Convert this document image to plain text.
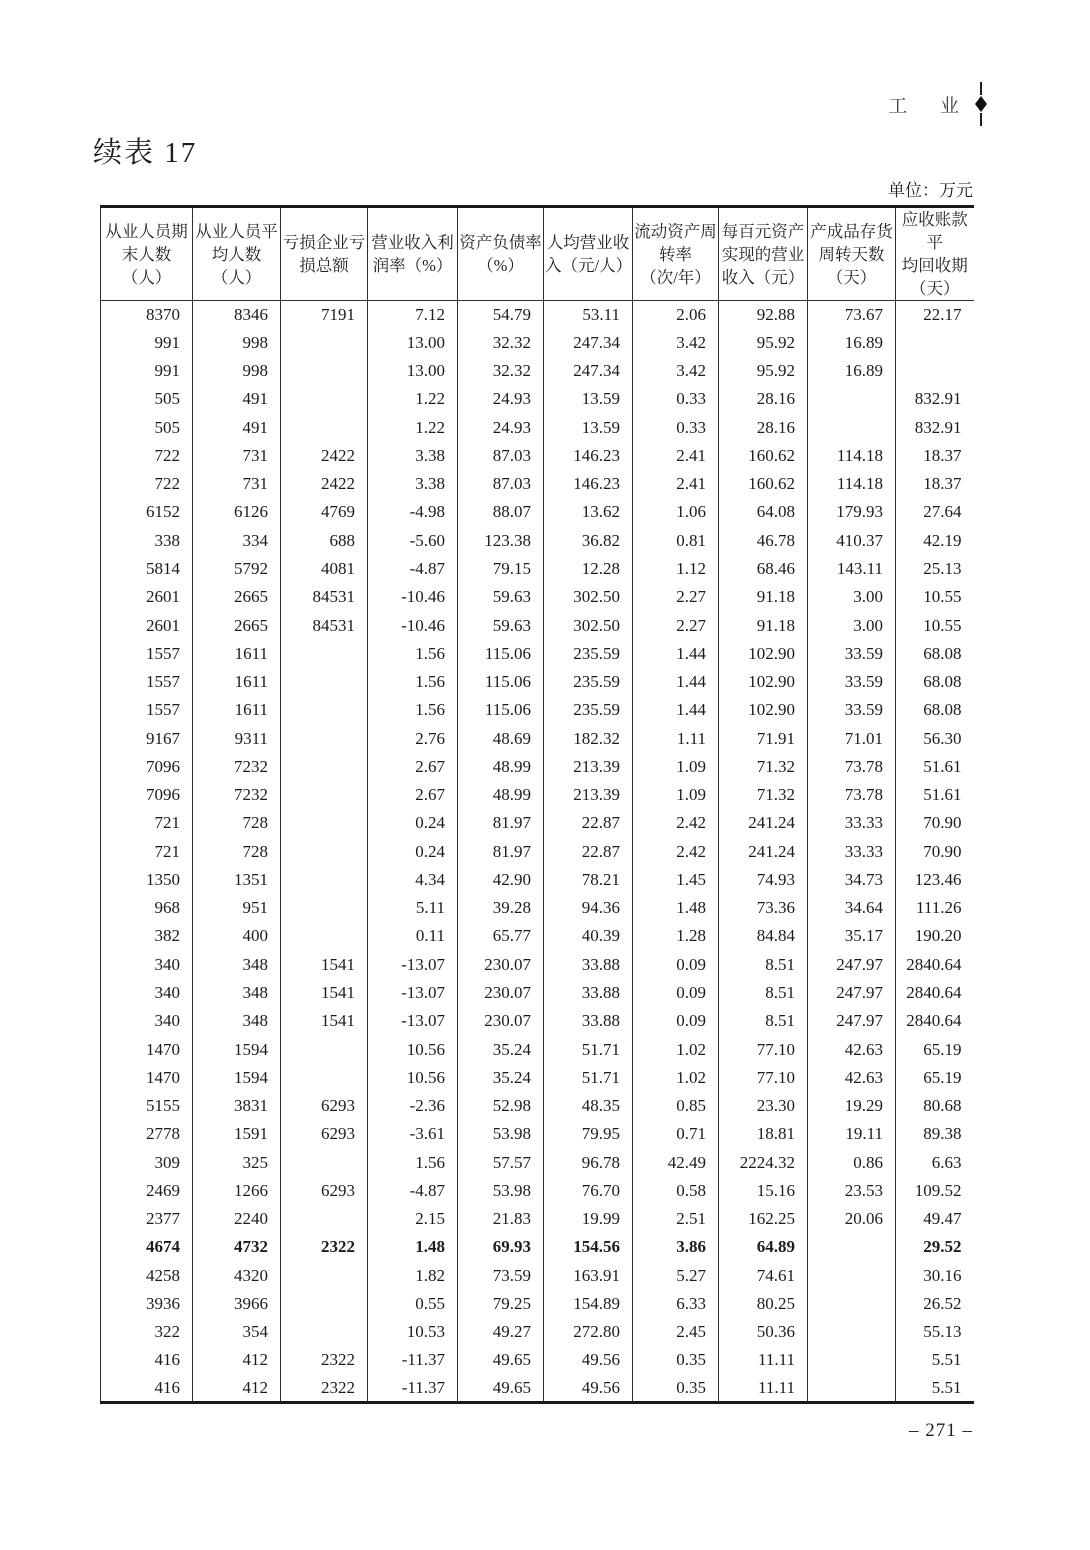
工 业
续表 17
单位：万元
从业人员期
末人数（人）

从业人员平
均人数（人）

亏损企业亏
损总额

营业收入利
润率（%）

资产负债率
（%）

人均营业收
入（元/人）

流动资产周
转率
（次/年）

每百元资产
实现的营业
收入（元）

产成品存货
周转天数
（天）

应收账款平
均回收期
（天）

8370	8346	7191	7.12	54.79	53.11	2.06	92.88	73.67	22.17
991	998		13.00	32.32	247.34	3.42	95.92	16.89	
991	998		13.00	32.32	247.34	3.42	95.92	16.89	
505	491		1.22	24.93	13.59	0.33	28.16		832.91
505	491		1.22	24.93	13.59	0.33	28.16		832.91
722	731	2422	3.38	87.03	146.23	2.41	160.62	114.18	18.37
722	731	2422	3.38	87.03	146.23	2.41	160.62	114.18	18.37
6152	6126	4769	-4.98	88.07	13.62	1.06	64.08	179.93	27.64
338	334	688	-5.60	123.38	36.82	0.81	46.78	410.37	42.19
5814	5792	4081	-4.87	79.15	12.28	1.12	68.46	143.11	25.13
2601	2665	84531	-10.46	59.63	302.50	2.27	91.18	3.00	10.55
2601	2665	84531	-10.46	59.63	302.50	2.27	91.18	3.00	10.55
1557	1611		1.56	115.06	235.59	1.44	102.90	33.59	68.08
1557	1611		1.56	115.06	235.59	1.44	102.90	33.59	68.08
1557	1611		1.56	115.06	235.59	1.44	102.90	33.59	68.08
9167	9311		2.76	48.69	182.32	1.11	71.91	71.01	56.30
7096	7232		2.67	48.99	213.39	1.09	71.32	73.78	51.61
7096	7232		2.67	48.99	213.39	1.09	71.32	73.78	51.61
721	728		0.24	81.97	22.87	2.42	241.24	33.33	70.90
721	728		0.24	81.97	22.87	2.42	241.24	33.33	70.90
1350	1351		4.34	42.90	78.21	1.45	74.93	34.73	123.46
968	951		5.11	39.28	94.36	1.48	73.36	34.64	111.26
382	400		0.11	65.77	40.39	1.28	84.84	35.17	190.20
340	348	1541	-13.07	230.07	33.88	0.09	8.51	247.97	2840.64
340	348	1541	-13.07	230.07	33.88	0.09	8.51	247.97	2840.64
340	348	1541	-13.07	230.07	33.88	0.09	8.51	247.97	2840.64
1470	1594		10.56	35.24	51.71	1.02	77.10	42.63	65.19
1470	1594		10.56	35.24	51.71	1.02	77.10	42.63	65.19
5155	3831	6293	-2.36	52.98	48.35	0.85	23.30	19.29	80.68
2778	1591	6293	-3.61	53.98	79.95	0.71	18.81	19.11	89.38
309	325		1.56	57.57	96.78	42.49	2224.32	0.86	6.63
2469	1266	6293	-4.87	53.98	76.70	0.58	15.16	23.53	109.52
2377	2240		2.15	21.83	19.99	2.51	162.25	20.06	49.47
4674	4732	2322	1.48	69.93	154.56	3.86	64.89		29.52
4258	4320		1.82	73.59	163.91	5.27	74.61		30.16
3936	3966		0.55	79.25	154.89	6.33	80.25		26.52
322	354		10.53	49.27	272.80	2.45	50.36		55.13
416	412	2322	-11.37	49.65	49.56	0.35	11.11		5.51
416	412	2322	-11.37	49.65	49.56	0.35	11.11		5.51
– 271 –
